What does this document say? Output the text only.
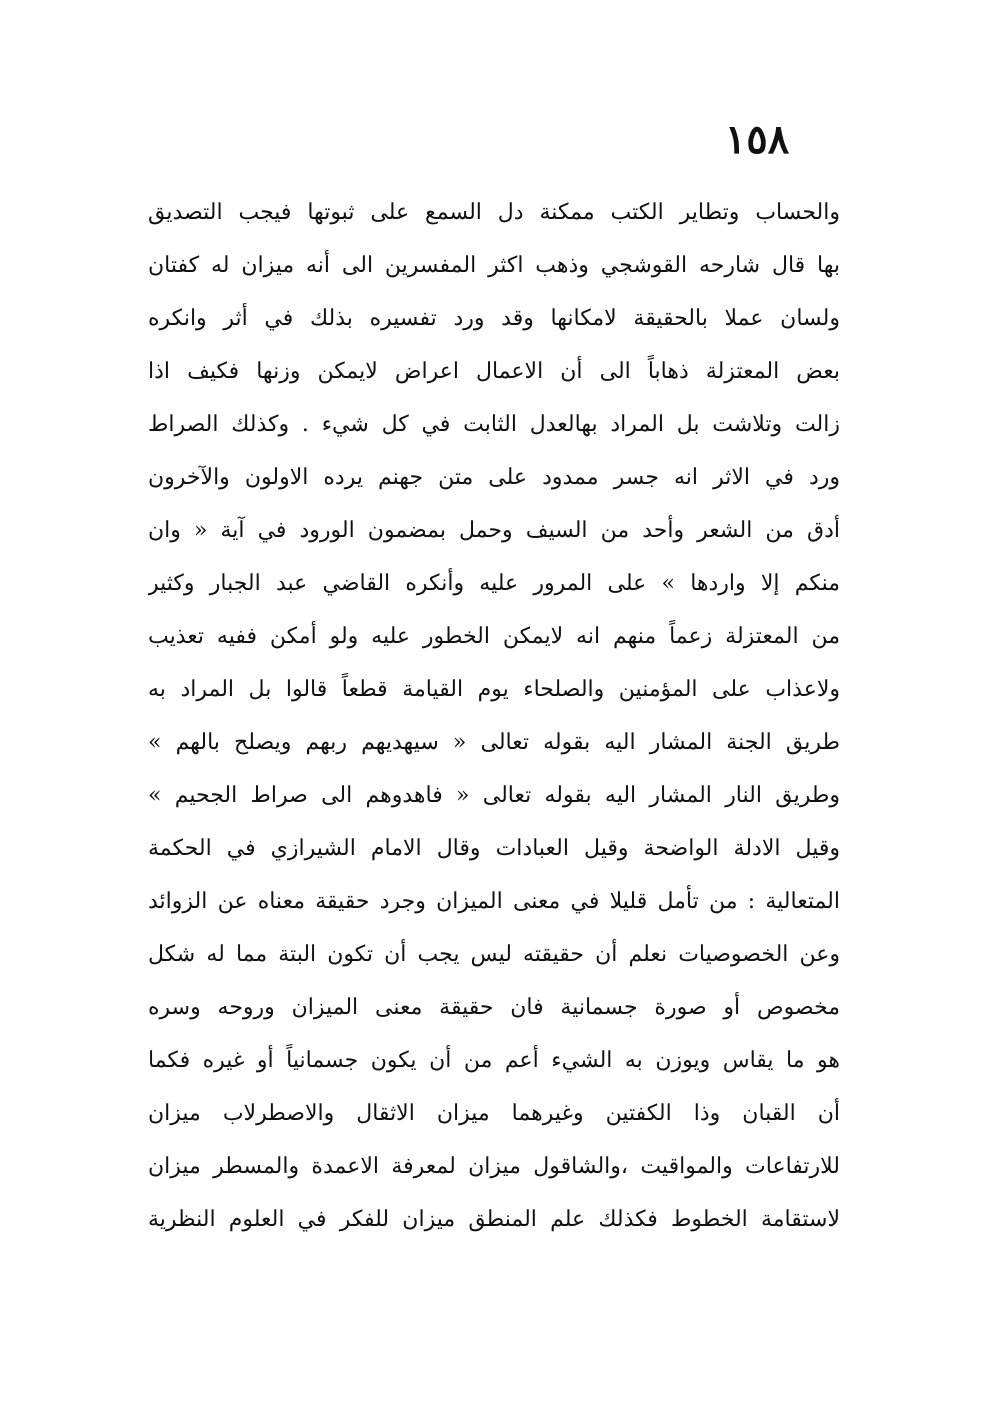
١٥٨
والحساب وتطاير الكتب ممكنة دل السمع على ثبوتها فيجب التصديق
بها قال شارحه القوشجي وذهب اكثر المفسرين الى أنه ميزان له كفتان
ولسان عملا بالحقيقة لامكانها وقد ورد تفسيره بذلك في أثر وانكره
بعض المعتزلة ذهاباً الى أن الاعمال اعراض لايمكن وزنها فكيف اذا
زالت وتلاشت بل المراد بهالعدل الثابت في كل شيء . وكذلك الصراط
ورد في الاثر انه جسر ممدود على متن جهنم يرده الاولون والآخرون
أدق من الشعر وأحد من السيف وحمل بمضمون الورود في آية « وان
منكم إلا واردها » على المرور عليه وأنكره القاضي عبد الجبار وكثير
من المعتزلة زعماً منهم انه لايمكن الخطور عليه ولو أمكن ففيه تعذيب
ولاعذاب على المؤمنين والصلحاء يوم القيامة قطعاً قالوا بل المراد به
طريق الجنة المشار اليه بقوله تعالى « سيهديهم ربهم ويصلح بالهم »
وطريق النار المشار اليه بقوله تعالى « فاهدوهم الى صراط الجحيم »
وقيل الادلة الواضحة وقيل العبادات وقال الامام الشيرازي في الحكمة
المتعالية : من تأمل قليلا في معنى الميزان وجرد حقيقة معناه عن الزوائد
وعن الخصوصيات نعلم أن حقيقته ليس يجب أن تكون البتة مما له شكل
مخصوص أو صورة جسمانية فان حقيقة معنى الميزان وروحه وسره
هو ما يقاس ويوزن به الشيء أعم من أن يكون جسمانياً أو غيره فكما
أن القبان وذا الكفتين وغيرهما ميزان الاثقال والاصطرلاب ميزان
للارتفاعات والمواقيت ،والشاقول ميزان لمعرفة الاعمدة والمسطر ميزان
لاستقامة الخطوط فكذلك علم المنطق ميزان للفكر في العلوم النظرية
